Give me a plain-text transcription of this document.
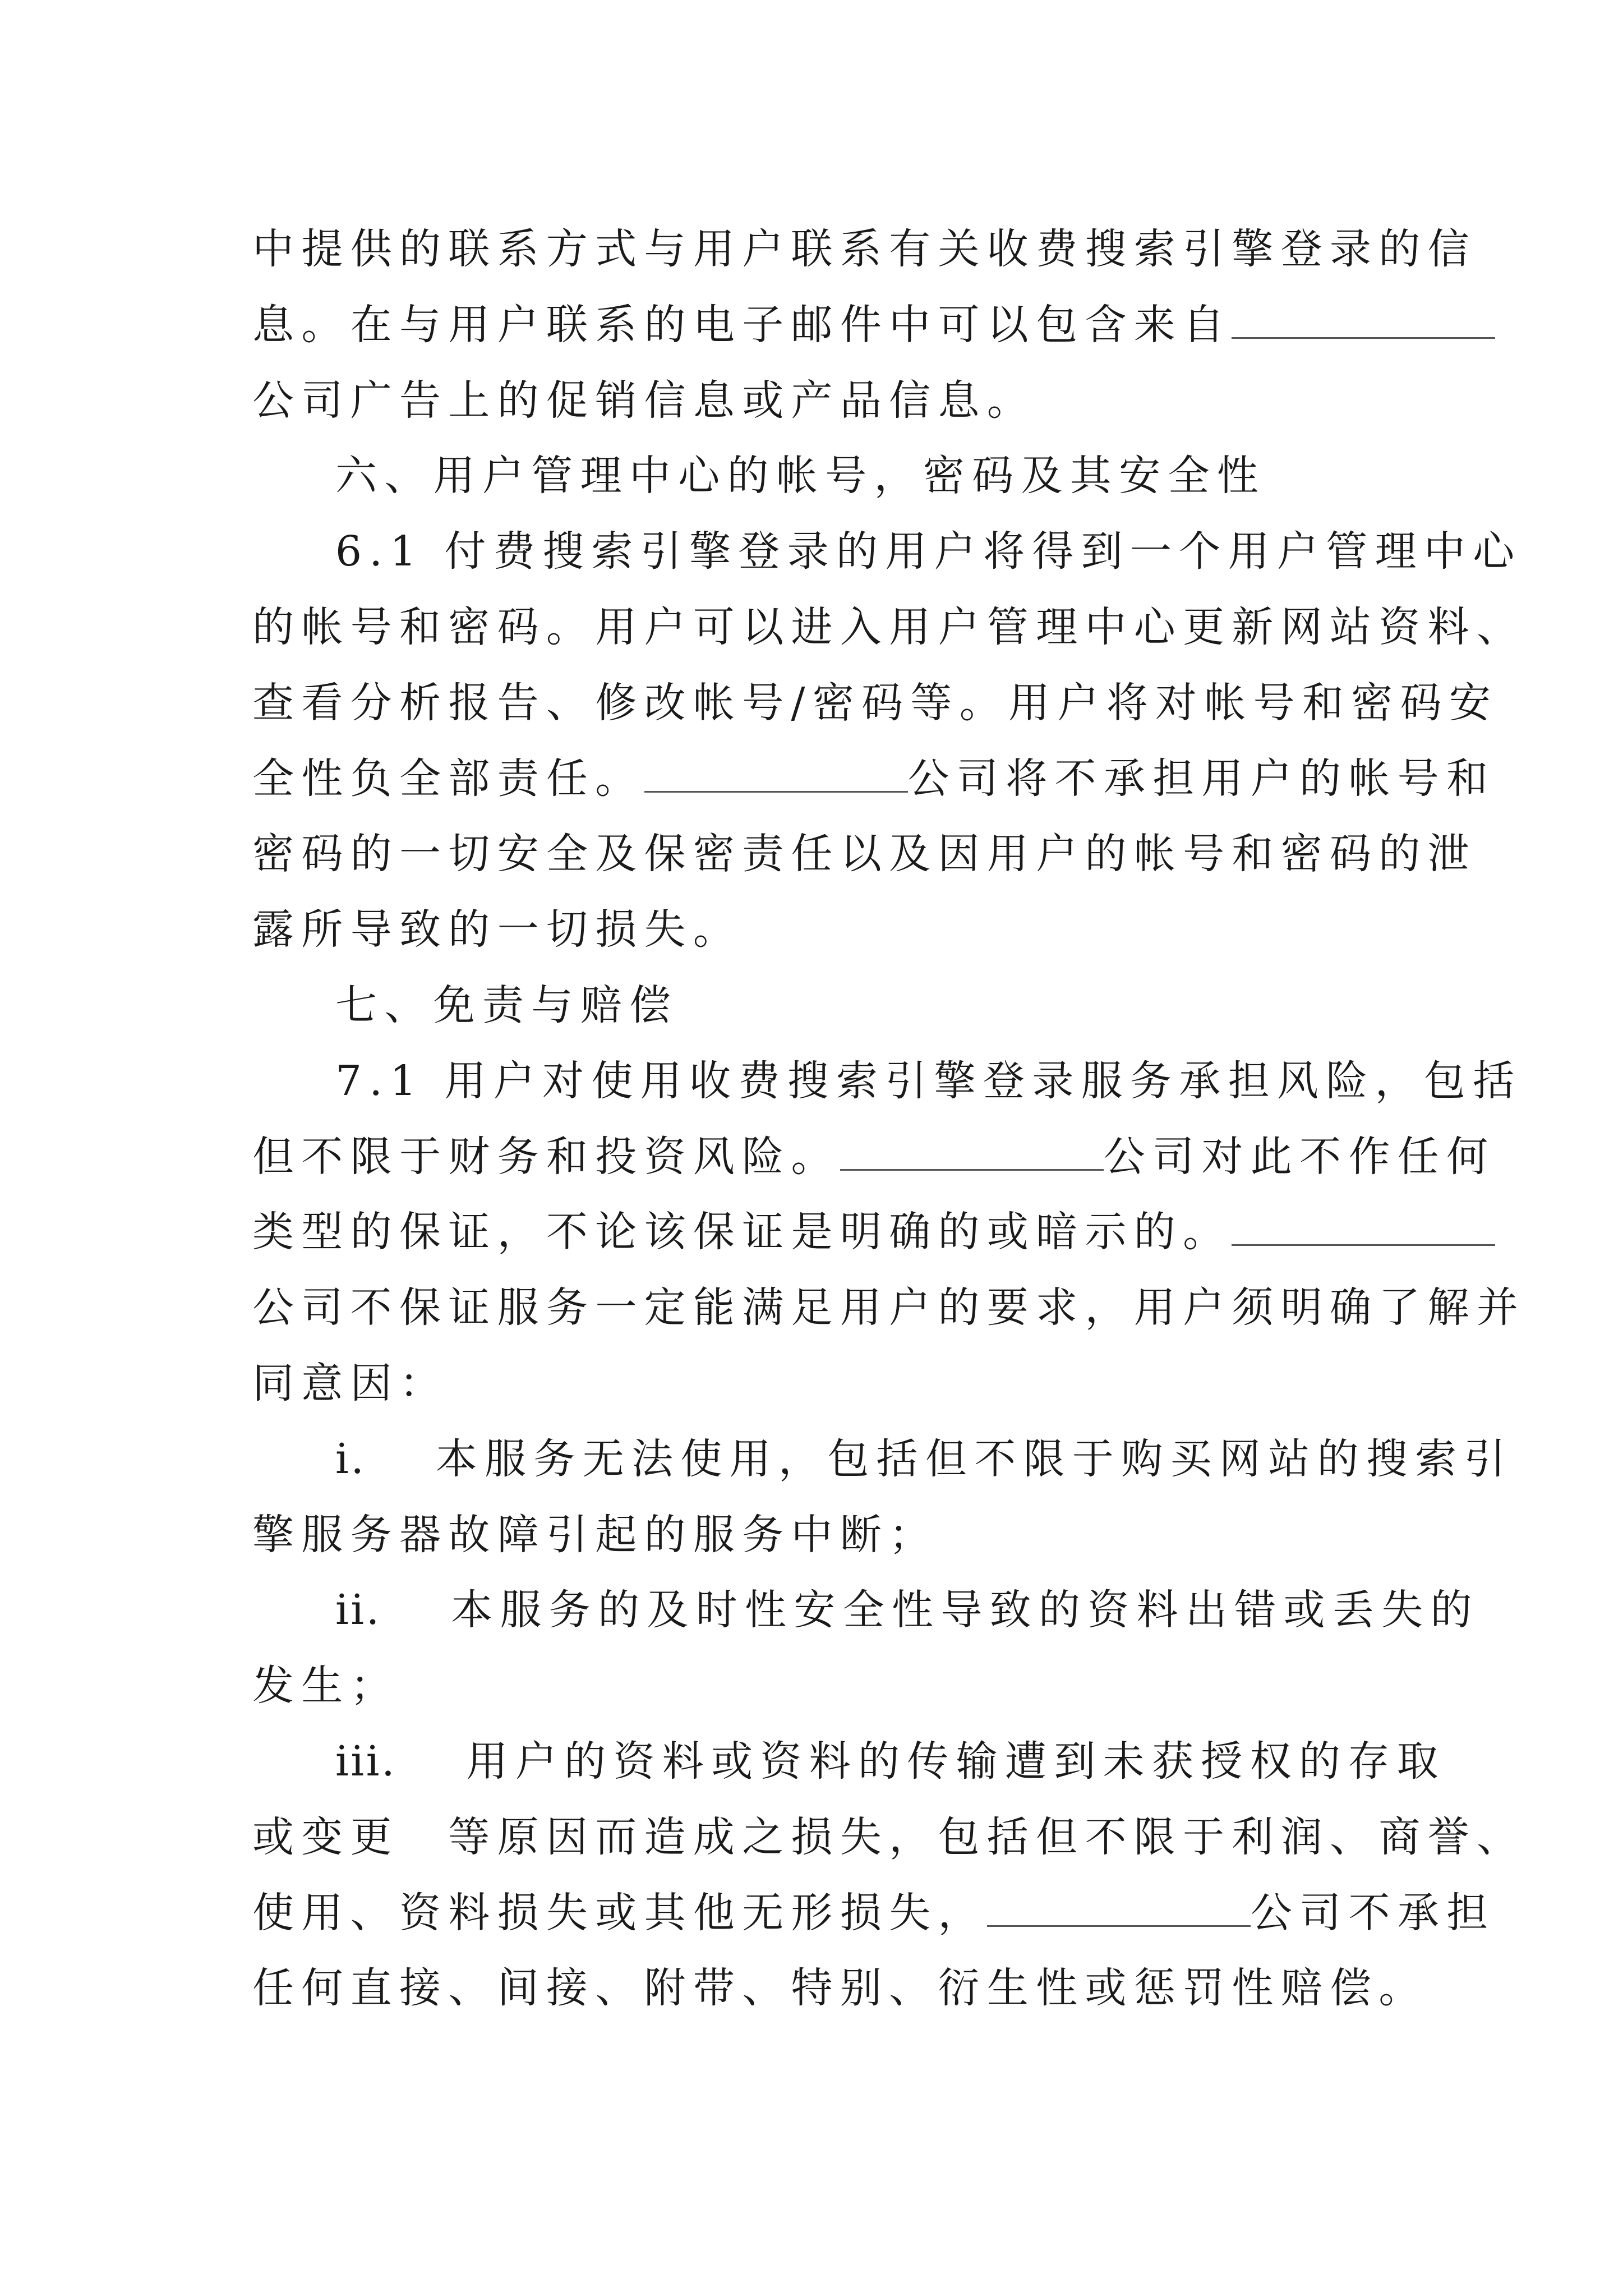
中提供的联系方式与用户联系有关收费搜索引擎登录的信
息。在与用户联系的电子邮件中可以包含来自
公司广告上的促销信息或产品信息。
六、用户管理中心的帐号，密码及其安全性
6.1 付费搜索引擎登录的用户将得到一个用户管理中心
的帐号和密码。用户可以进入用户管理中心更新网站资料、
查看分析报告、修改帐号/密码等。用户将对帐号和密码安
全性负全部责任。	公司将不承担用户的帐号和
密码的一切安全及保密责任以及因用户的帐号和密码的泄
露所导致的一切损失。
七、免责与赔偿
7.1 用户对使用收费搜索引擎登录服务承担风险，包括
但不限于财务和投资风险。	公司对此不作任何
类型的保证，不论该保证是明确的或暗示的。
公司不保证服务一定能满足用户的要求，用户须明确了解并
同意因：
i.　 本服务无法使用，包括但不限于购买网站的搜索引
擎服务器故障引起的服务中断；
ii.　 本服务的及时性安全性导致的资料出错或丢失的
发生；
iii.　 用户的资料或资料的传输遭到未获授权的存取
或变更　等原因而造成之损失，包括但不限于利润、商誉、
使用、资料损失或其他无形损失，	公司不承担
任何直接、间接、附带、特别、衍生性或惩罚性赔偿。
